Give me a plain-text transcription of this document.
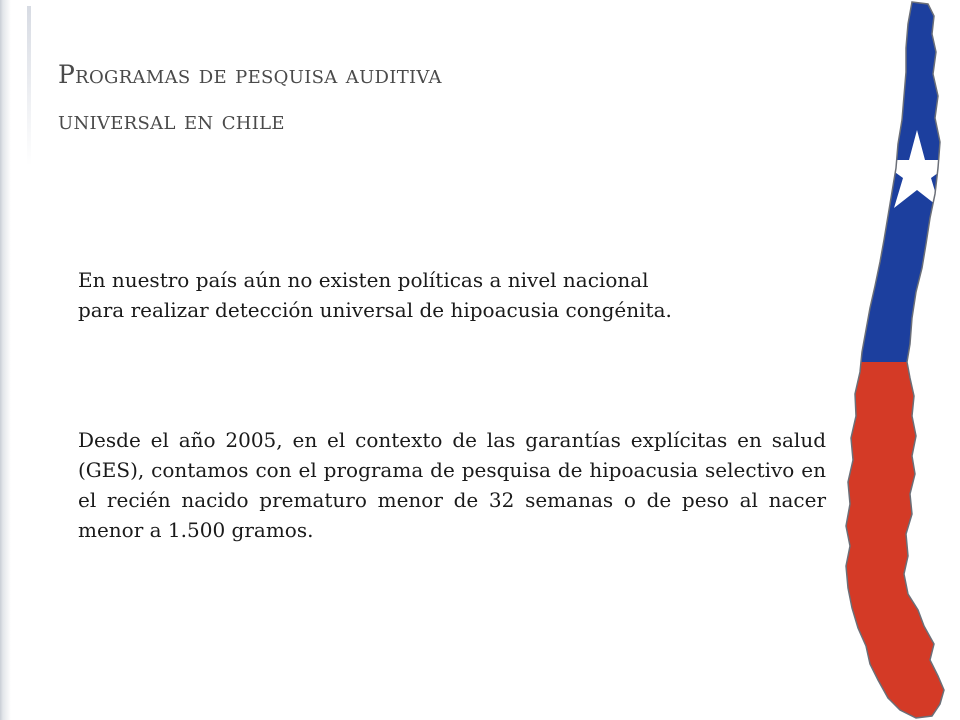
Programas de pesquisa auditiva
universal en chile
En nuestro país aún no existen políticas a nivel nacional
para realizar detección universal de hipoacusia congénita.

Desde el año 2005, en el contexto de las garantías explícitas en salud (GES), contamos con el programa de pesquisa de hipoacusia selectivo en el recién nacido prematuro menor de 32 semanas o de peso al nacer menor a 1.500 gramos.
